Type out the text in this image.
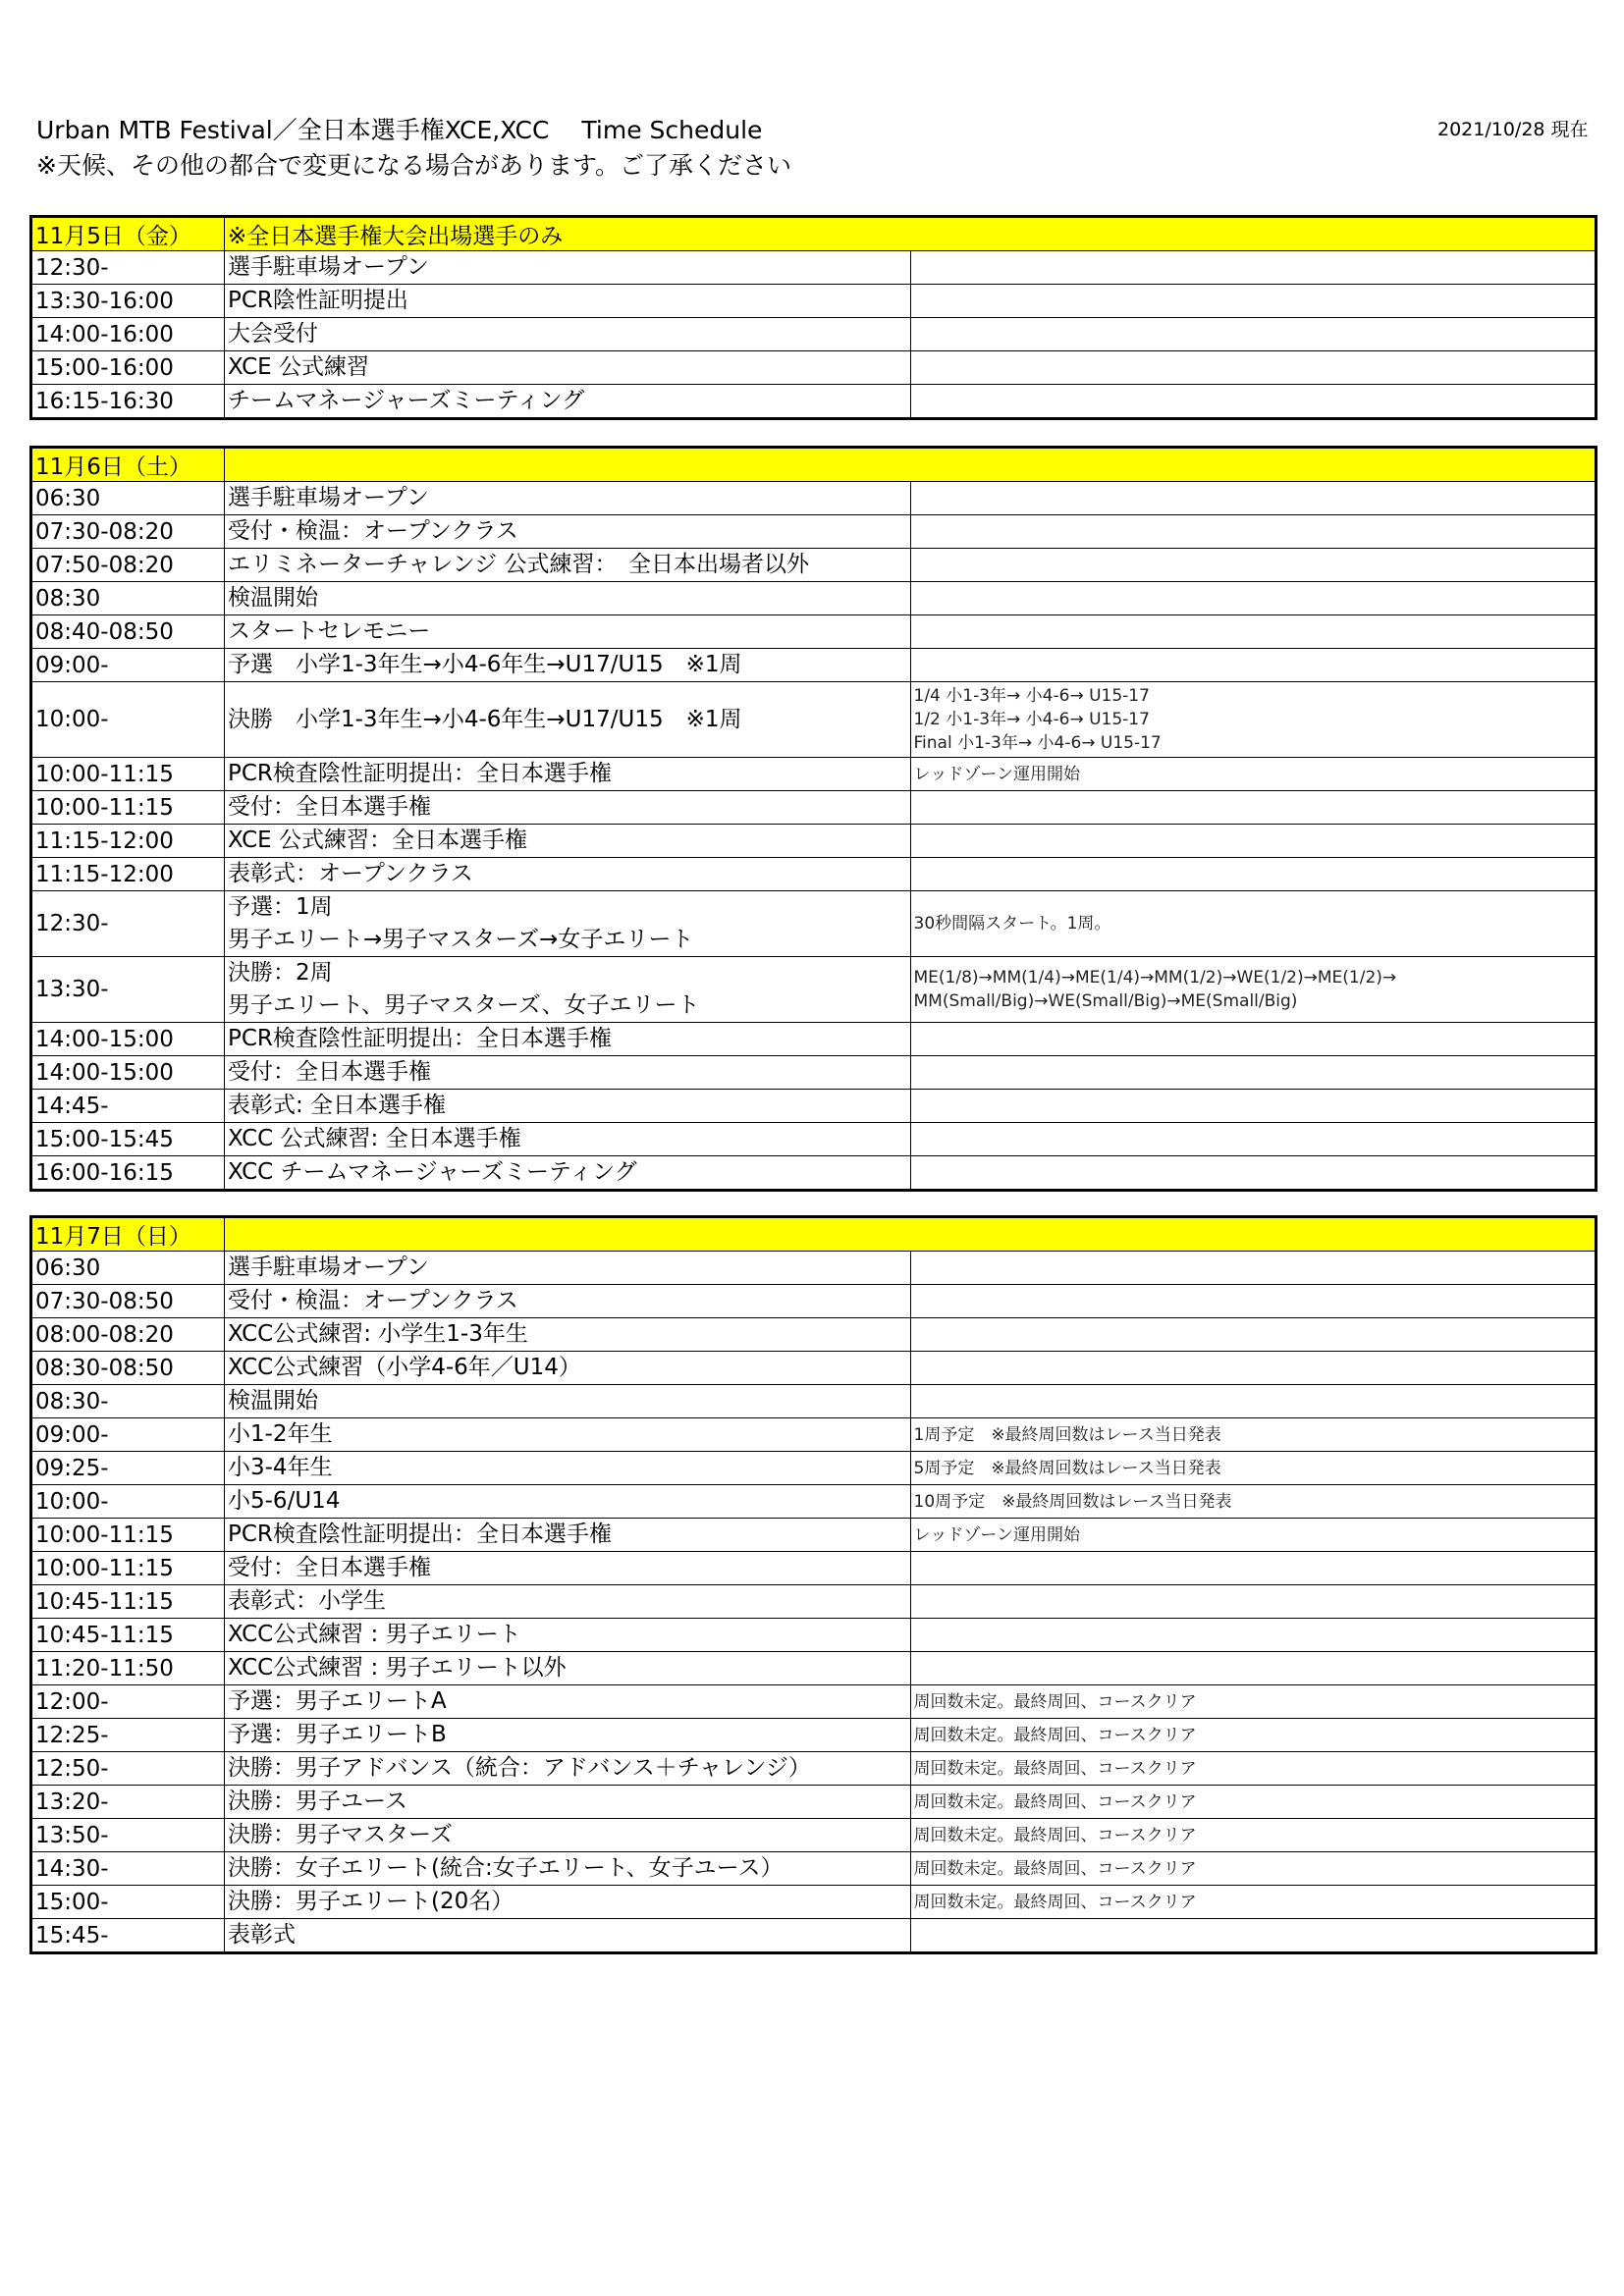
Urban MTB Festival／全日本選手権XCE,XCC　 Time Schedule
※天候、その他の都合で変更になる場合があります。ご了承ください
2021/10/28 現在
11月5日（金）	※全日本選手権大会出場選手のみ	
12:30-	選手駐車場オープン	

13:30-16:00	PCR陰性証明提出	

14:00-16:00	大会受付	

15:00-16:00	XCE 公式練習	

16:15-16:30	チームマネージャーズミーティング	

11月6日（土）		
06:30	選手駐車場オープン	

07:30-08:20	受付・検温：オープンクラス	

07:50-08:20	エリミネーターチャレンジ 公式練習：　全日本出場者以外	

08:30	検温開始	

08:40-08:50	スタートセレモニー	

09:00-	予選　小学1-3年生→小4-6年生→U17/U15　※1周	

10:00-	決勝　小学1-3年生→小4-6年生→U17/U15　※1周	1/4 小1-3年→ 小4-6→ U15-17
1/2 小1-3年→ 小4-6→ U15-17
Final 小1-3年→ 小4-6→ U15-17

10:00-11:15	PCR検査陰性証明提出：全日本選手権	レッドゾーン運用開始

10:00-11:15	受付：全日本選手権	

11:15-12:00	XCE 公式練習：全日本選手権	

11:15-12:00	表彰式：オープンクラス	

12:30-	予選：1周
男子エリート→男子マスターズ→女子エリート	30秒間隔スタート。1周。

13:30-	決勝：2周
男子エリート、男子マスターズ、女子エリート	ME(1/8)→MM(1/4)→ME(1/4)→MM(1/2)→WE(1/2)→ME(1/2)→
MM(Small/Big)→WE(Small/Big)→ME(Small/Big)

14:00-15:00	PCR検査陰性証明提出：全日本選手権	

14:00-15:00	受付：全日本選手権	

14:45-	表彰式: 全日本選手権	

15:00-15:45	XCC 公式練習: 全日本選手権	

16:00-16:15	XCC チームマネージャーズミーティング	

11月7日（日）		
06:30	選手駐車場オープン	

07:30-08:50	受付・検温：オープンクラス	

08:00-08:20	XCC公式練習: 小学生1-3年生	

08:30-08:50	XCC公式練習（小学4-6年／U14）	

08:30-	検温開始	

09:00-	小1-2年生	1周予定　※最終周回数はレース当日発表

09:25-	小3-4年生	5周予定　※最終周回数はレース当日発表

10:00-	小5-6/U14	10周予定　※最終周回数はレース当日発表

10:00-11:15	PCR検査陰性証明提出：全日本選手権	レッドゾーン運用開始

10:00-11:15	受付：全日本選手権	

10:45-11:15	表彰式：小学生	

10:45-11:15	XCC公式練習 : 男子エリート	

11:20-11:50	XCC公式練習 : 男子エリート以外	

12:00-	予選：男子エリートA	周回数未定。最終周回、コースクリア

12:25-	予選：男子エリートB	周回数未定。最終周回、コースクリア

12:50-	決勝：男子アドバンス（統合：アドバンス＋チャレンジ）	周回数未定。最終周回、コースクリア

13:20-	決勝：男子ユース	周回数未定。最終周回、コースクリア

13:50-	決勝：男子マスターズ	周回数未定。最終周回、コースクリア

14:30-	決勝：女子エリート(統合:女子エリート、女子ユース）	周回数未定。最終周回、コースクリア

15:00-	決勝：男子エリート(20名）	周回数未定。最終周回、コースクリア

15:45-	表彰式	
